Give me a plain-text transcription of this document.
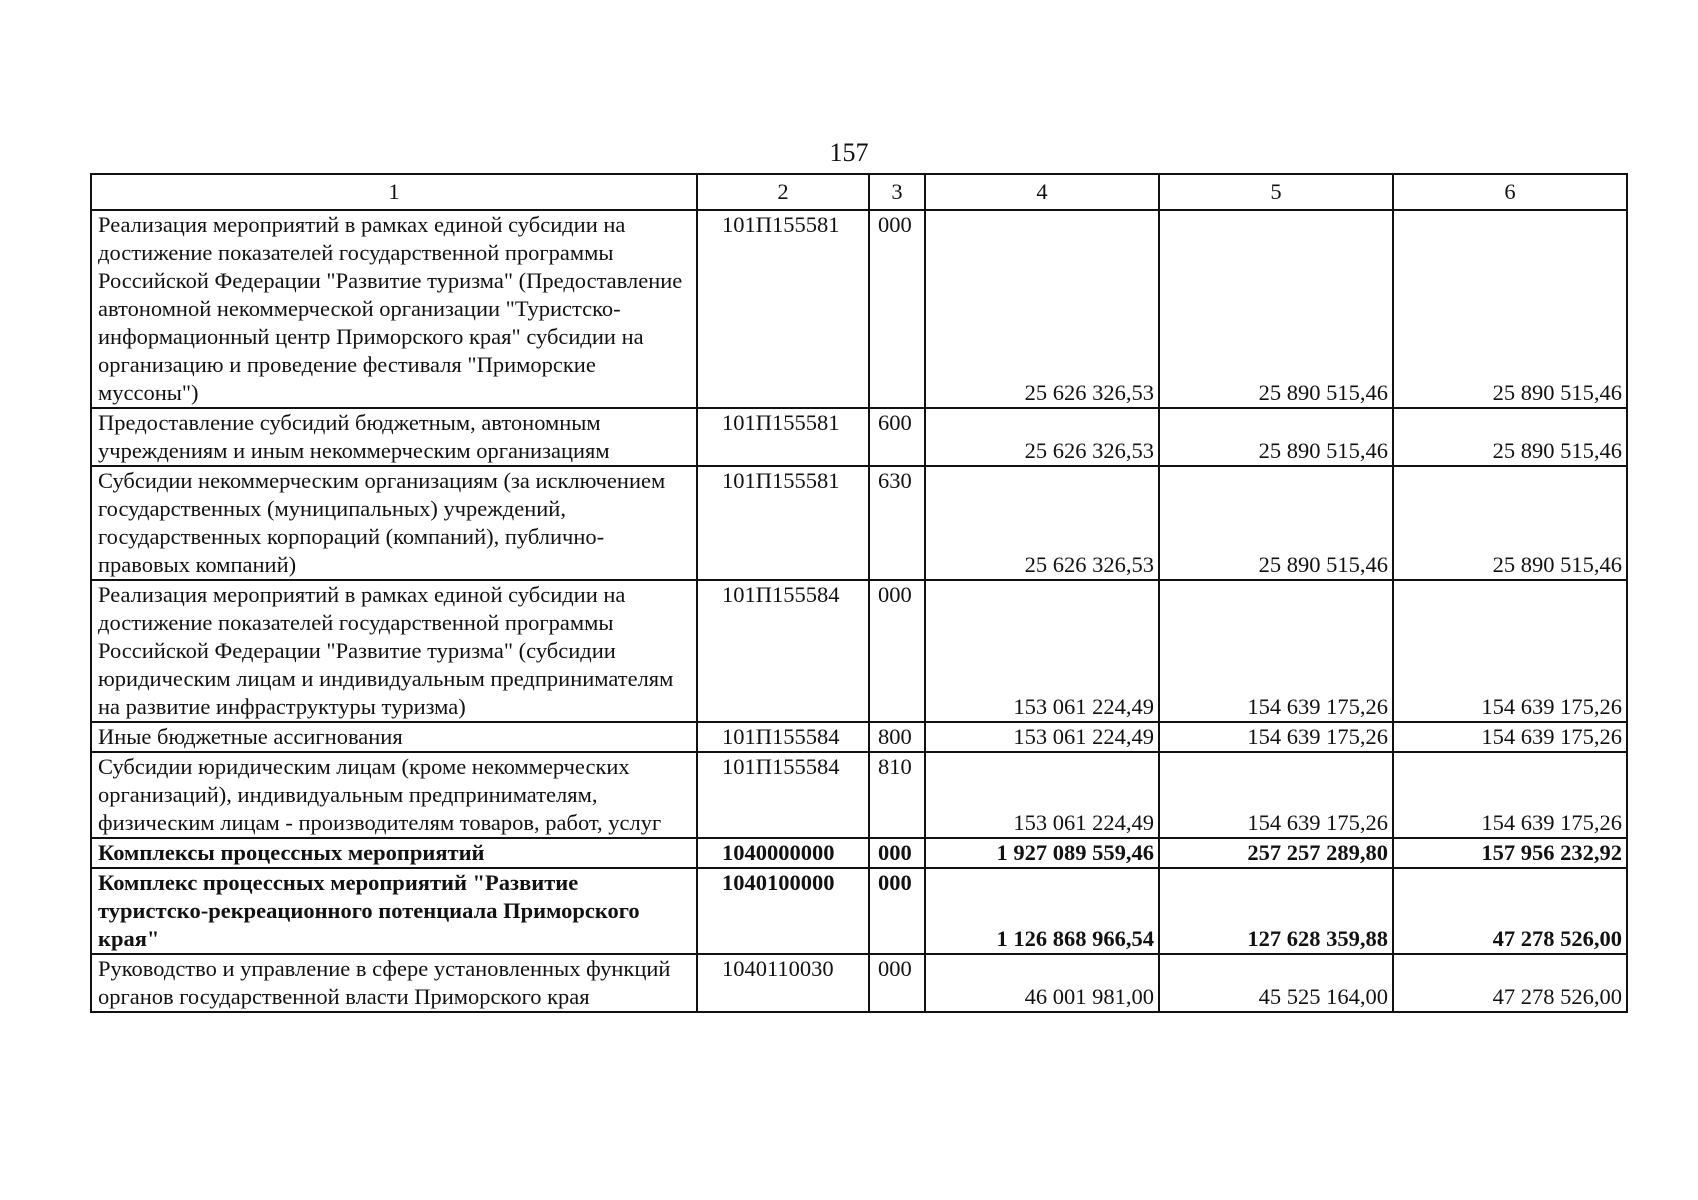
157
1	2	3	4	5	6
Реализация мероприятий в рамках единой субсидии на достижение показателей государственной программы Российской Федерации "Развитие туризма" (Предоставление автономной некоммерческой организации "Туристско-информационный центр Приморского края" субсидии на организацию и проведение фестиваля "Приморские муссоны")	101П155581	000	25 626 326,53	25 890 515,46	25 890 515,46
Предоставление субсидий бюджетным, автономным учреждениям и иным некоммерческим организациям	101П155581	600	25 626 326,53	25 890 515,46	25 890 515,46
Субсидии некоммерческим организациям (за исключением государственных (муниципальных) учреждений, государственных корпораций (компаний), публично-правовых компаний)	101П155581	630	25 626 326,53	25 890 515,46	25 890 515,46
Реализация мероприятий в рамках единой субсидии на достижение показателей государственной программы Российской Федерации "Развитие туризма" (субсидии юридическим лицам и индивидуальным предпринимателям на развитие инфраструктуры туризма)	101П155584	000	153 061 224,49	154 639 175,26	154 639 175,26
Иные бюджетные ассигнования	101П155584	800	153 061 224,49	154 639 175,26	154 639 175,26
Субсидии юридическим лицам (кроме некоммерческих организаций), индивидуальным предпринимателям, физическим лицам - производителям товаров, работ, услуг	101П155584	810	153 061 224,49	154 639 175,26	154 639 175,26
Комплексы процессных мероприятий	1040000000	000	1 927 089 559,46	257 257 289,80	157 956 232,92
Комплекс процессных мероприятий "Развитие туристско-рекреационного потенциала Приморского края"	1040100000	000	1 126 868 966,54	127 628 359,88	47 278 526,00
Руководство и управление в сфере установленных функций органов государственной власти Приморского края	1040110030	000	46 001 981,00	45 525 164,00	47 278 526,00
